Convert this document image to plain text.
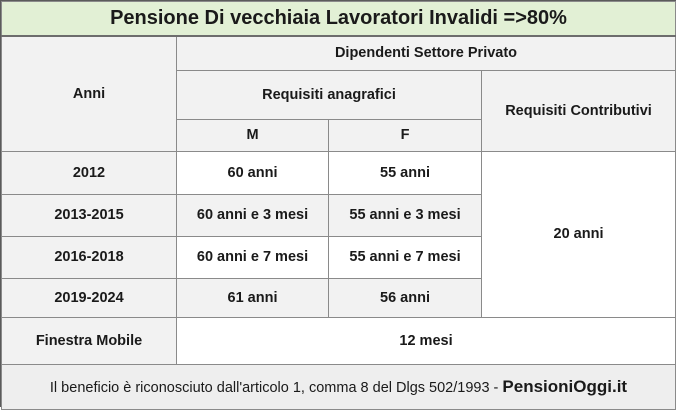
Pensione Di vecchiaia Lavoratori Invalidi =>80%			
Anni	Dipendenti Settore Privato		
	Requisiti anagrafici		Requisiti Contributivi
	M	F	
2012	60 anni	55 anni	20 anni
2013-2015	60 anni e 3 mesi	55 anni e 3 mesi	
2016-2018	60 anni e 7 mesi	55 anni e 7 mesi	
2019-2024	61 anni	56 anni	
Finestra Mobile	12 mesi		
Il beneficio è riconosciuto dall'articolo 1, comma 8 del Dlgs 502/1993 - PensioniOggi.it			
